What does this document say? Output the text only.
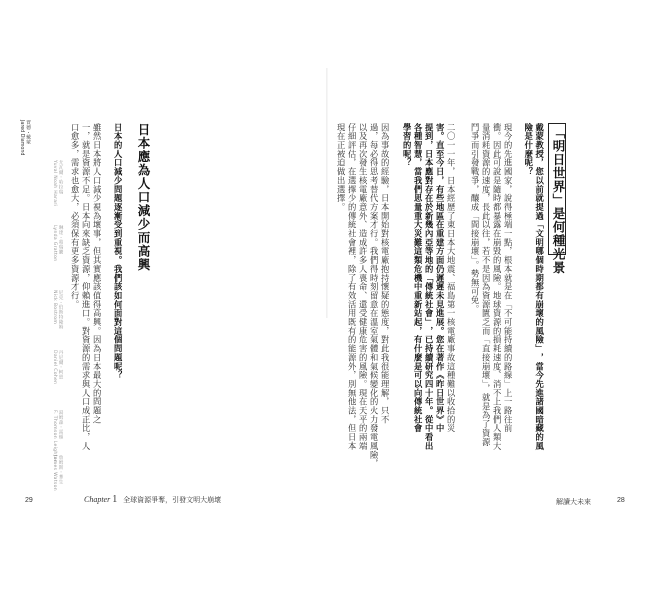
「明日世界」是何種光景
戴蒙教授，您以前就提過「文明哪個時期都有崩壞的風險」，當今先進諸國暗藏的風險是什麼呢？
現今的先進國家，說得極端一點，根本就是在「不可能持續的路線」上一路往前
衝。因此可說是隨時都暴露在崩毀的風險。地球資源的損耗速度、消不上我們人類大
量消耗資源的速度，長此以往，若不是因為資源匱乏而「直接崩壞」，就是為了資源
鬥爭而引發戰爭，釀成「間接崩壞」。勢無可免。
二〇一一年，日本經歷了東日本大地震、福島第一核電廠事故這種難以收拾的災
害。直至今日，有些地區在重建方面仍遲遲未見進展。您在著作《昨日世界》中
提到，日本應對存在於新幾內亞等地的「傳統社會」，已持續研究四十年。從中看出
各種智慧，當我們思量重大災難這類危機中重新站起，有什麼是可以向傳統社會
學習的呢？
因為事故的經驗，日本開始對核電廠抱持懷疑的態度，對此我很能理解，只不
過，每必得思考替代方案才行。我們得時刻留意在溫室氣體和氣候變化的火力發電風險，
以及再次發生核電廠意外、造成許多人喪命、還受健康危害的風險。現在天平的兩端
仔細評估，在選擇少的傳統社會裡，除了有效活用既有的能源外，別無他法，但日本
現在正被迫做出選擇。
日本應為人口減少而高興
日本的人口減少問題逐漸受到重視。我們該如何面對這個問題呢？
雖然日本將人口減少視為壞事，但其實應該值得高興。因為日本最大的問題之
一，就是資源不足。日本向來缺乏資源，仰賴進口。對資源的需求與人口成正比，人
口愈多，需求也愈大，必須保有更多資源才行。
尤瓦爾・哈拉瑞
Yuval Noah Harari
琳達・葛瑞騰
Lynda Gratton
尼克・伯斯特隆姆
Nick Bostrom
丹尼爾・柯恩
Daniel Cohen
湯姆森・雷頓
F. Thomson Leighton
詹姆斯・華生
James Watson
賈德・戴蒙
Jared Diamond
29	Chapter 1 全球資源爭奪，引發文明大崩壞	解讀大未來	28
